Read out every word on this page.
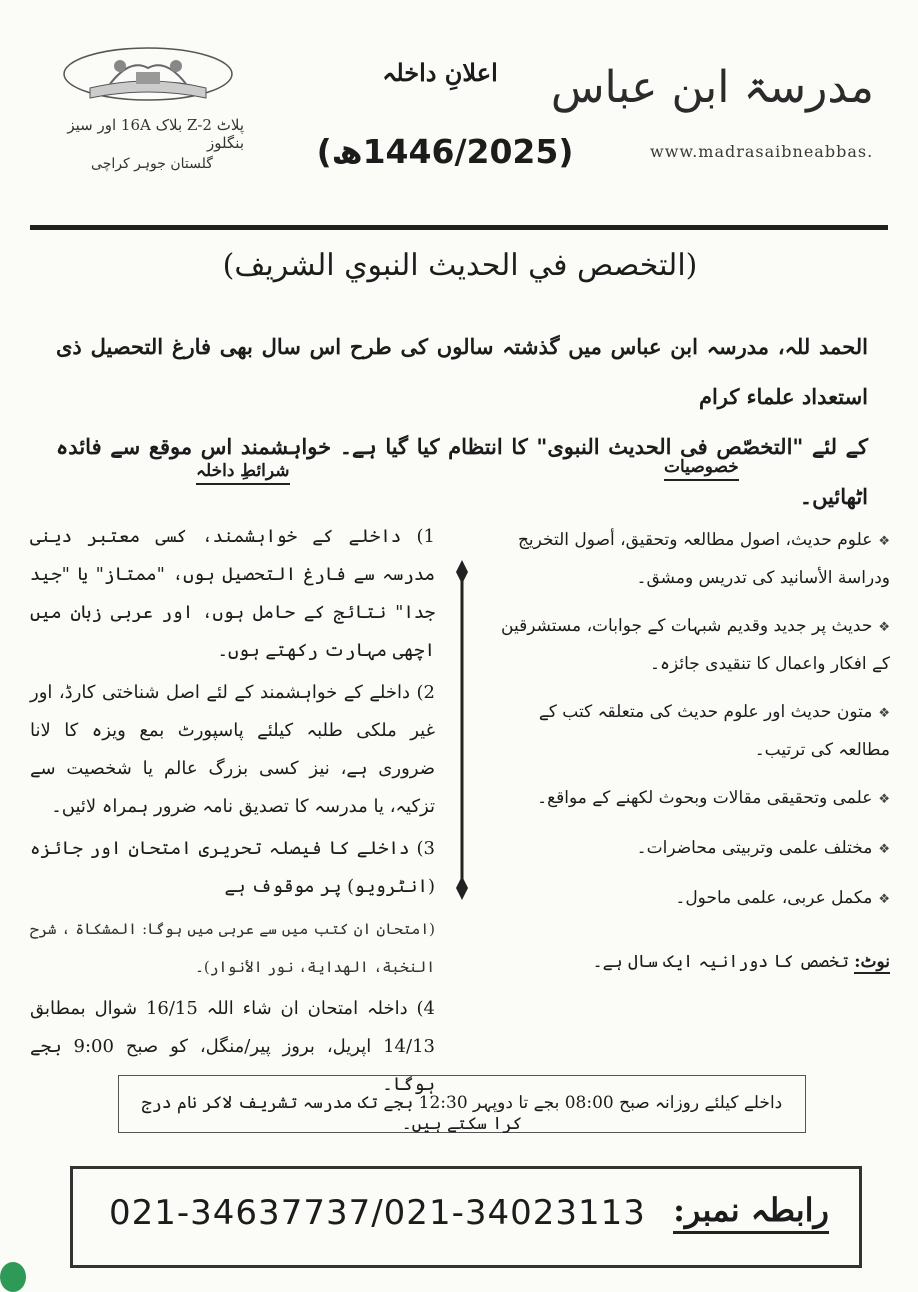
پلاٹ Z-2 بلاک 16A اور سیز بنگلوز
گلستان جوہر کراچی
اعلانِ داخلہ
(1446/2025ھ)
مدرسۃ ابن عباس
www.madrasaibneabbas.
(التخصص في الحديث النبوي الشريف)

الحمد للہ، مدرسہ ابن عباس میں گذشتہ سالوں کی طرح اس سال بھی فارغ التحصیل ذی استعداد علماء کرام

کے لئے "التخصّص فی الحدیث النبوی" کا انتظام کیا گیا ہے۔ خواہشمند اس موقع سے فائدہ اٹھائیں۔

خصوصیات
شرائطِ داخلہ

1) داخلے کے خواہشمند، کسی معتبر دینی مدرسہ سے فارغ التحصیل ہوں، "ممتاز" یا "جید جدا" نتائج کے حامل ہوں، اور عربی زبان میں اچھی مہارت رکھتے ہوں۔

2) داخلے کے خواہشمند کے لئے اصل شناختی کارڈ، اور غیر ملکی طلبہ کیلئے پاسپورٹ بمع ویزہ کا لانا ضروری ہے، نیز کسی بزرگ عالم یا شخصیت سے تزکیہ، یا مدرسہ کا تصدیق نامہ ضرور ہمراہ لائیں۔

3) داخلے کا فیصلہ تحریری امتحان اور جائزہ (انٹرویو) پر موقوف ہے

(امتحان ان کتب میں سے عربی میں ہوگا: المشكاة ، شرح النخبة، الهداية، نور الأنوار)۔

4) داخلہ امتحان ان شاء اللہ 16/15 شوال بمطابق 14/13 اپریل، بروز پیر/منگل، کو صبح 9:00 بجے ہوگا۔

❖علوم حدیث، اصول مطالعہ وتحقیق، أصول التخريج ودراسة الأسانيد کی تدریس ومشق۔
❖حدیث پر جدید وقدیم شبہات کے جوابات، مستشرقین کے افکار واعمال کا تنقیدی جائزہ۔
❖متون حدیث اور علوم حدیث کی متعلقہ کتب کے مطالعہ کی ترتیب۔
❖علمی وتحقیقی مقالات وبحوث لکھنے کے مواقع۔
❖مختلف علمی وتربیتی محاضرات۔
❖مکمل عربی، علمی ماحول۔
نوٹ: تخصص کا دورانیہ ایک سال ہے۔
داخلے کیلئے روزانہ صبح 08:00 بجے تا دوپہر 12:30 بجے تک مدرسہ تشریف لاکر نام درج کرا سکتے ہیں۔
رابطہ نمبر:
021-34637737/021-34023113
